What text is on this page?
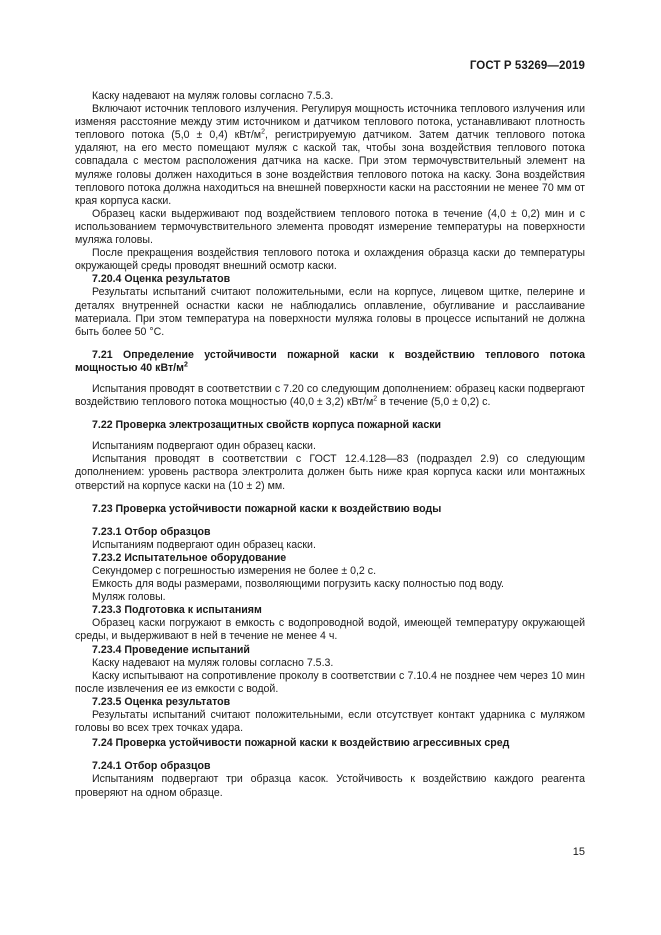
ГОСТ Р 53269—2019

Каску надевают на муляж головы согласно 7.5.3.

Включают источник теплового излучения. Регулируя мощность источника теплового излучения или изменяя расстояние между этим источником и датчиком теплового потока, устанавливают плотность теплового потока (5,0 ± 0,4) кВт/$м^2$, регистрируемую датчиком. Затем датчик теплового потока удаляют, на его место помещают муляж с каской так, чтобы зона воздействия теплового потока совпадала с местом расположения датчика на каске. При этом термочувствительный элемент на муляже головы должен находиться в зоне воздействия теплового потока на каску. Зона воздействия теплового потока должна находиться на внешней поверхности каски на расстоянии не менее 70 мм от края корпуса каски.

Образец каски выдерживают под воздействием теплового потока в течение (4,0 ± 0,2) мин и с использованием термочувствительного элемента проводят измерение температуры на поверхности муляжа головы.

После прекращения воздействия теплового потока и охлаждения образца каски до температуры окружающей среды проводят внешний осмотр каски.

7.20.4 Оценка результатов

Результаты испытаний считают положительными, если на корпусе, лицевом щитке, пелерине и деталях внутренней оснастки каски не наблюдались оплавление, обугливание и расслаивание материала. При этом температура на поверхности муляжа головы в процессе испытаний не должна быть более 50 °С.

7.21 Определение устойчивости пожарной каски к воздействию теплового потока мощностью 40 кВт/$м^2$

Испытания проводят в соответствии с 7.20 со следующим дополнением: образец каски подвергают воздействию теплового потока мощностью (40,0 ± 3,2) кВт/$м^2$ в течение (5,0 ± 0,2) с.

7.22 Проверка электрозащитных свойств корпуса пожарной каски

Испытаниям подвергают один образец каски.

Испытания проводят в соответствии с ГОСТ 12.4.128—83 (подраздел 2.9) со следующим дополнением: уровень раствора электролита должен быть ниже края корпуса каски или монтажных отверстий на корпусе каски на (10 ± 2) мм.

7.23 Проверка устойчивости пожарной каски к воздействию воды

7.23.1 Отбор образцов

Испытаниям подвергают один образец каски.

7.23.2 Испытательное оборудование

Секундомер с погрешностью измерения не более ± 0,2 с.

Емкость для воды размерами, позволяющими погрузить каску полностью под воду.

Муляж головы.

7.23.3 Подготовка к испытаниям

Образец каски погружают в емкость с водопроводной водой, имеющей температуру окружающей среды, и выдерживают в ней в течение не менее 4 ч.

7.23.4 Проведение испытаний

Каску надевают на муляж головы согласно 7.5.3.

Каску испытывают на сопротивление проколу в соответствии с 7.10.4 не позднее чем через 10 мин после извлечения ее из емкости с водой.

7.23.5 Оценка результатов

Результаты испытаний считают положительными, если отсутствует контакт ударника с муляжом головы во всех трех точках удара.

7.24 Проверка устойчивости пожарной каски к воздействию агрессивных сред

7.24.1 Отбор образцов

Испытаниям подвергают три образца касок. Устойчивость к воздействию каждого реагента проверяют на одном образце.

15
